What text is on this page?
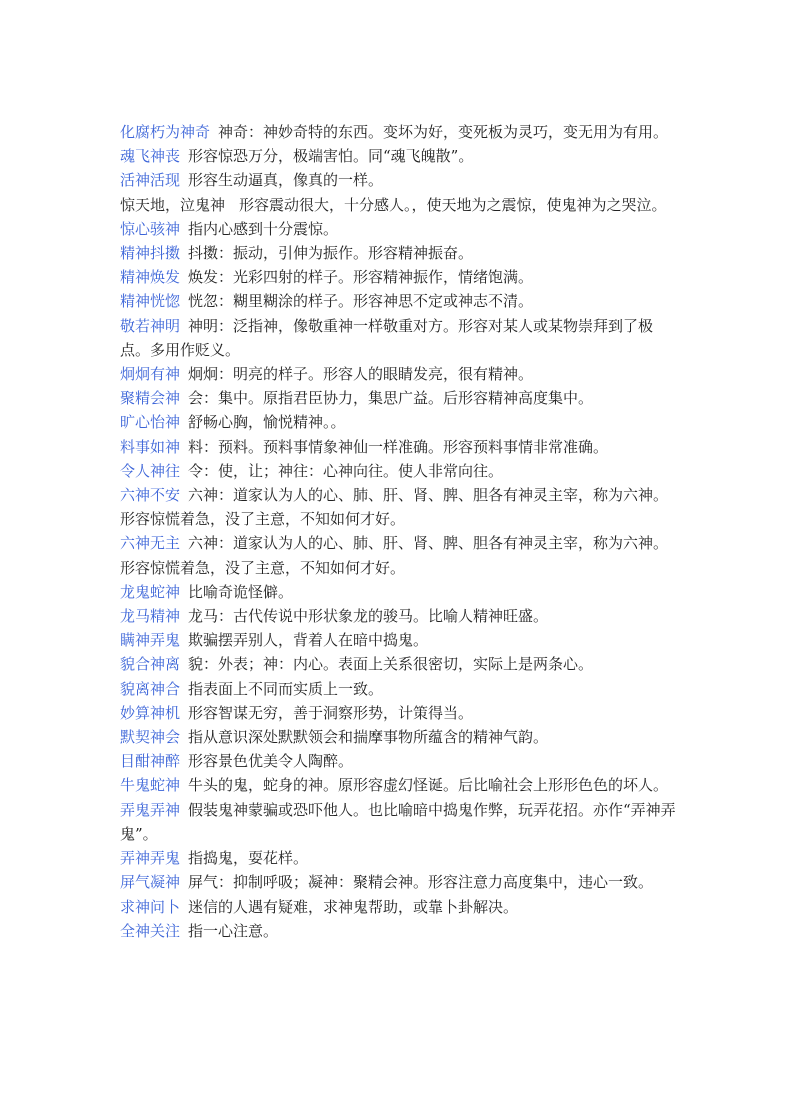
化腐朽为神奇 神奇：神妙奇特的东西。变坏为好，变死板为灵巧，变无用为有用。

魂飞神丧 形容惊恐万分，极端害怕。同“魂飞魄散”。

活神活现 形容生动逼真，像真的一样。

惊天地，泣鬼神 形容震动很大，十分感人。，使天地为之震惊，使鬼神为之哭泣。

惊心骇神 指内心感到十分震惊。

精神抖擞 抖擞：振动，引伸为振作。形容精神振奋。

精神焕发 焕发：光彩四射的样子。形容精神振作，情绪饱满。

精神恍惚 恍忽：糊里糊涂的样子。形容神思不定或神志不清。

敬若神明 神明：泛指神，像敬重神一样敬重对方。形容对某人或某物崇拜到了极点。多用作贬义。

炯炯有神 炯炯：明亮的样子。形容人的眼睛发亮，很有精神。

聚精会神 会：集中。原指君臣协力，集思广益。后形容精神高度集中。

旷心怡神 舒畅心胸，愉悦精神。。

料事如神 料：预料。预料事情象神仙一样准确。形容预料事情非常准确。

令人神往 令：使，让；神往：心神向往。使人非常向往。

六神不安 六神：道家认为人的心、肺、肝、肾、脾、胆各有神灵主宰，称为六神。形容惊慌着急，没了主意，不知如何才好。

六神无主 六神：道家认为人的心、肺、肝、肾、脾、胆各有神灵主宰，称为六神。形容惊慌着急，没了主意，不知如何才好。

龙鬼蛇神 比喻奇诡怪僻。

龙马精神 龙马：古代传说中形状象龙的骏马。比喻人精神旺盛。

瞒神弄鬼 欺骗摆弄别人，背着人在暗中捣鬼。

貌合神离 貌：外表；神：内心。表面上关系很密切，实际上是两条心。

貌离神合 指表面上不同而实质上一致。

妙算神机 形容智谋无穷，善于洞察形势，计策得当。

默契神会 指从意识深处默默领会和揣摩事物所蕴含的精神气韵。

目酣神醉 形容景色优美令人陶醉。

牛鬼蛇神 牛头的鬼，蛇身的神。原形容虚幻怪诞。后比喻社会上形形色色的坏人。

弄鬼弄神 假装鬼神蒙骗或恐吓他人。也比喻暗中捣鬼作弊，玩弄花招。亦作“弄神弄鬼”。

弄神弄鬼 指捣鬼，耍花样。

屏气凝神 屏气：抑制呼吸；凝神：聚精会神。形容注意力高度集中，违心一致。

求神问卜 迷信的人遇有疑难，求神鬼帮助，或靠卜卦解决。

全神关注 指一心注意。
